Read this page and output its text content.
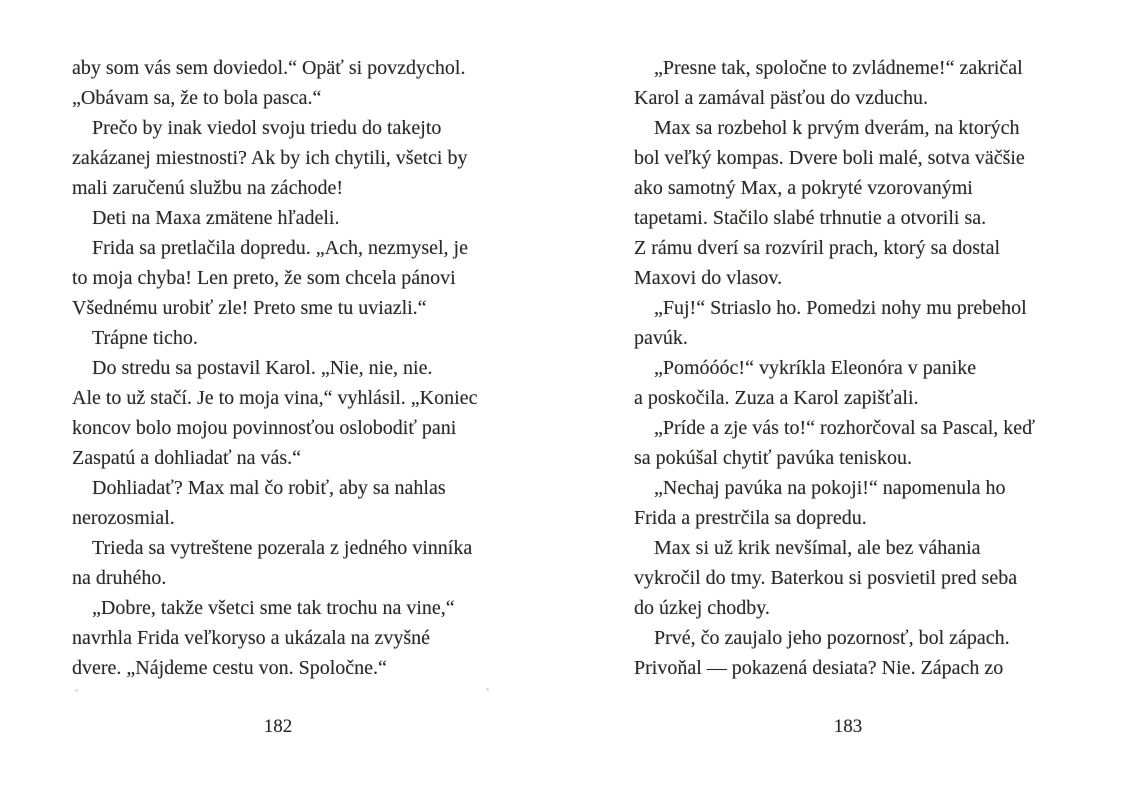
aby som vás sem doviedol.“ Opäť si povzdychol.
„Obávam sa, že to bola pasca.“
Prečo by inak viedol svoju triedu do takejto
zakázanej miestnosti? Ak by ich chytili, všetci by
mali zaručenú službu na záchode!
Deti na Maxa zmätene hľadeli.
Frida sa pretlačila dopredu. „Ach, nezmysel, je
to moja chyba! Len preto, že som chcela pánovi
Všednému urobiť zle! Preto sme tu uviazli.“
Trápne ticho.
Do stredu sa postavil Karol. „Nie, nie, nie.
Ale to už stačí. Je to moja vina,“ vyhlásil. „Koniec
koncov bolo mojou povinnosťou oslobodiť pani
Zaspatú a dohliadať na vás.“
Dohliadať? Max mal čo robiť, aby sa nahlas
nerozosmial.
Trieda sa vytreštene pozerala z jedného vinníka
na druhého.
„Dobre, takže všetci sme tak trochu na vine,“
navrhla Frida veľkoryso a ukázala na zvyšné
dvere. „Nájdeme cestu von. Spoločne.“
„Presne tak, spoločne to zvládneme!“ zakričal
Karol a zamával päsťou do vzduchu.
Max sa rozbehol k prvým dverám, na ktorých
bol veľký kompas. Dvere boli malé, sotva väčšie
ako samotný Max, a pokryté vzorovanými
tapetami. Stačilo slabé trhnutie a otvorili sa.
Z rámu dverí sa rozvíril prach, ktorý sa dostal
Maxovi do vlasov.
„Fuj!“ Striaslo ho. Pomedzi nohy mu prebehol
pavúk.
„Pomóóóc!“ vykríkla Eleonóra v panike
a poskočila. Zuza a Karol zapišťali.
„Príde a zje vás to!“ rozhorčoval sa Pascal, keď
sa pokúšal chytiť pavúka teniskou.
„Nechaj pavúka na pokoji!“ napomenula ho
Frida a prestrčila sa dopredu.
Max si už krik nevšímal, ale bez váhania
vykročil do tmy. Baterkou si posvietil pred seba
do úzkej chodby.
Prvé, čo zaujalo jeho pozornosť, bol zápach.
Privoňal — pokazená desiata? Nie. Zápach zo
182	183
